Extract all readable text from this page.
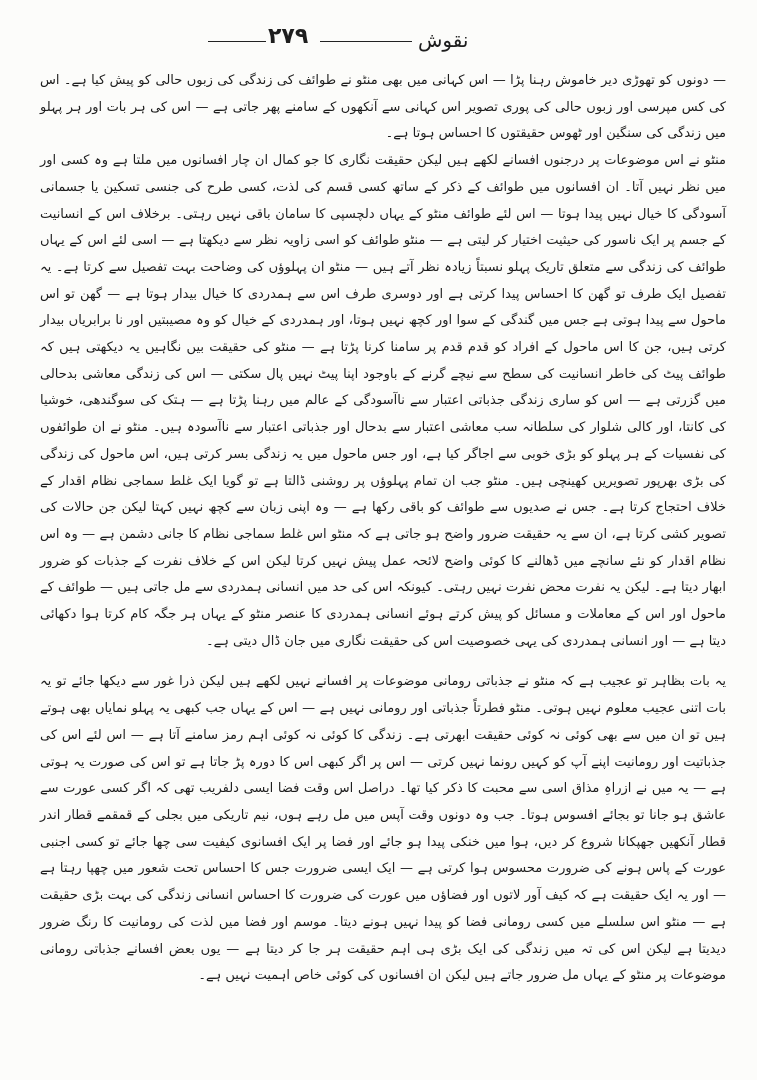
۲۷۹	نقوش

— دونوں کو تھوڑی دیر خاموش رہنا پڑا — اس کہانی میں بھی منٹو نے طوائف کی زندگی کی زبوں حالی کو پیش کیا ہے۔ اس کی کس مپرسی اور زبوں حالی کی پوری تصویر اس کہانی سے آنکھوں کے سامنے پھر جاتی ہے — اس کی ہر بات اور ہر پہلو میں زندگی کی سنگین اور ٹھوس حقیقتوں کا احساس ہوتا ہے۔

منٹو نے اس موضوعات پر درجنوں افسانے لکھے ہیں لیکن حقیقت نگاری کا جو کمال ان چار افسانوں میں ملتا ہے وہ کسی اور میں نظر نہیں آتا۔ ان افسانوں میں طوائف کے ذکر کے ساتھ کسی قسم کی لذت، کسی طرح کی جنسی تسکین یا جسمانی آسودگی کا خیال نہیں پیدا ہوتا — اس لئے طوائف منٹو کے یہاں دلچسپی کا سامان باقی نہیں رہتی۔ برخلاف اس کے انسانیت کے جسم پر ایک ناسور کی حیثیت اختیار کر لیتی ہے — منٹو طوائف کو اسی زاویہ نظر سے دیکھتا ہے — اسی لئے اس کے یہاں طوائف کی زندگی سے متعلق تاریک پہلو نسبتاً زیادہ نظر آتے ہیں — منٹو ان پہلوؤں کی وضاحت بہت تفصیل سے کرتا ہے۔ یہ تفصیل ایک طرف تو گھن کا احساس پیدا کرتی ہے اور دوسری طرف اس سے ہمدردی کا خیال بیدار ہوتا ہے — گھن تو اس ماحول سے پیدا ہوتی ہے جس میں گندگی کے سوا اور کچھ نہیں ہوتا، اور ہمدردی کے خیال کو وہ مصیبتیں اور نا برابریاں بیدار کرتی ہیں، جن کا اس ماحول کے افراد کو قدم قدم پر سامنا کرنا پڑتا ہے — منٹو کی حقیقت بیں نگاہیں یہ دیکھتی ہیں کہ طوائف پیٹ کی خاطر انسانیت کی سطح سے نیچے گرنے کے باوجود اپنا پیٹ نہیں پال سکتی — اس کی زندگی معاشی بدحالی میں گزرتی ہے — اس کو ساری زندگی جذباتی اعتبار سے ناآسودگی کے عالم میں رہنا پڑتا ہے — ہتک کی سوگندھی، خوشیا کی کانتا، اور کالی شلوار کی سلطانہ سب معاشی اعتبار سے بدحال اور جذباتی اعتبار سے ناآسودہ ہیں۔ منٹو نے ان طوائفوں کی نفسیات کے ہر پہلو کو بڑی خوبی سے اجاگر کیا ہے، اور جس ماحول میں یہ زندگی بسر کرتی ہیں، اس ماحول کی زندگی کی بڑی بھرپور تصویریں کھینچی ہیں۔ منٹو جب ان تمام پہلوؤں پر روشنی ڈالتا ہے تو گویا ایک غلط سماجی نظام اقدار کے خلاف احتجاج کرتا ہے۔ جس نے صدیوں سے طوائف کو باقی رکھا ہے — وہ اپنی زبان سے کچھ نہیں کہتا لیکن جن حالات کی تصویر کشی کرتا ہے، ان سے یہ حقیقت ضرور واضح ہو جاتی ہے کہ منٹو اس غلط سماجی نظام کا جانی دشمن ہے — وہ اس نظام اقدار کو نئے سانچے میں ڈھالنے کا کوئی واضح لائحہ عمل پیش نہیں کرتا لیکن اس کے خلاف نفرت کے جذبات کو ضرور ابھار دیتا ہے۔ لیکن یہ نفرت محض نفرت نہیں رہتی۔ کیونکہ اس کی حد میں انسانی ہمدردی سے مل جاتی ہیں — طوائف کے ماحول اور اس کے معاملات و مسائل کو پیش کرتے ہوئے انسانی ہمدردی کا عنصر منٹو کے یہاں ہر جگہ کام کرتا ہوا دکھائی دیتا ہے — اور انسانی ہمدردی کی یہی خصوصیت اس کی حقیقت نگاری میں جان ڈال دیتی ہے۔

یہ بات بظاہر تو عجیب ہے کہ منٹو نے جذباتی رومانی موضوعات پر افسانے نہیں لکھے ہیں لیکن ذرا غور سے دیکھا جائے تو یہ بات اتنی عجیب معلوم نہیں ہوتی۔ منٹو فطرتاً جذباتی اور رومانی نہیں ہے — اس کے یہاں جب کبھی یہ پہلو نمایاں بھی ہوتے ہیں تو ان میں سے بھی کوئی نہ کوئی حقیقت ابھرتی ہے۔ زندگی کا کوئی نہ کوئی اہم رمز سامنے آتا ہے — اس لئے اس کی جذباتیت اور رومانیت اپنے آپ کو کہیں رونما نہیں کرتی — اس پر اگر کبھی اس کا دورہ پڑ جاتا ہے تو اس کی صورت یہ ہوتی ہے — یہ میں نے ازراہِ مذاق اسی سے محبت کا ذکر کیا تھا۔ دراصل اس وقت فضا ایسی دلفریب تھی کہ اگر کسی عورت سے عاشق ہو جانا تو بجائے افسوس ہوتا۔ جب وہ دونوں وقت آپس میں مل رہے ہوں، نیم تاریکی میں بجلی کے قمقمے قطار اندر قطار آنکھیں جھپکانا شروع کر دیں، ہوا میں خنکی پیدا ہو جائے اور فضا پر ایک افسانوی کیفیت سی چھا جائے تو کسی اجنبی عورت کے پاس ہونے کی ضرورت محسوس ہوا کرتی ہے — ایک ایسی ضرورت جس کا احساس تحت شعور میں چھپا رہتا ہے — اور یہ ایک حقیقت ہے کہ کیف آور لاتوں اور فضاؤں میں عورت کی ضرورت کا احساس انسانی زندگی کی بہت بڑی حقیقت ہے — منٹو اس سلسلے میں کسی رومانی فضا کو پیدا نہیں ہونے دیتا۔ موسم اور فضا میں لذت کی رومانیت کا رنگ ضرور دیدیتا ہے لیکن اس کی تہ میں زندگی کی ایک بڑی ہی اہم حقیقت ہر جا کر دیتا ہے — یوں بعض افسانے جذباتی رومانی موضوعات پر منٹو کے یہاں مل ضرور جاتے ہیں لیکن ان افسانوں کی کوئی خاص اہمیت نہیں ہے۔
